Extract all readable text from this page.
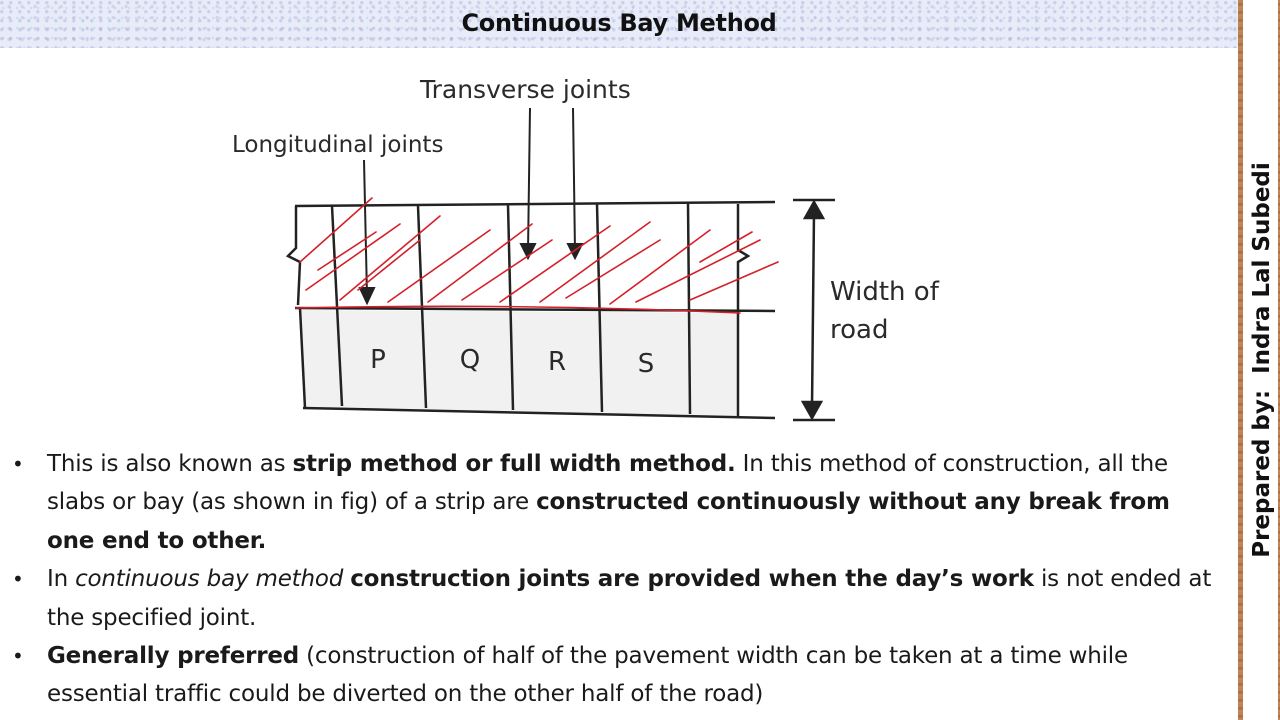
Continuous Bay Method
Prepared by:Indra Lal Subedi
Transverse joints
Longitudinal joints
Width of
road
P	Q	R	S
• This is also known as strip method or full width method. In this method of construction, all the slabs or bay (as shown in fig) of a strip are constructed continuously without any break from one end to other.
• In continuous bay method construction joints are provided when the day’s work is not ended at the specified joint.
• Generally preferred (construction of half of the pavement width can be taken at a time while essential traffic could be diverted on the other half of the road)
